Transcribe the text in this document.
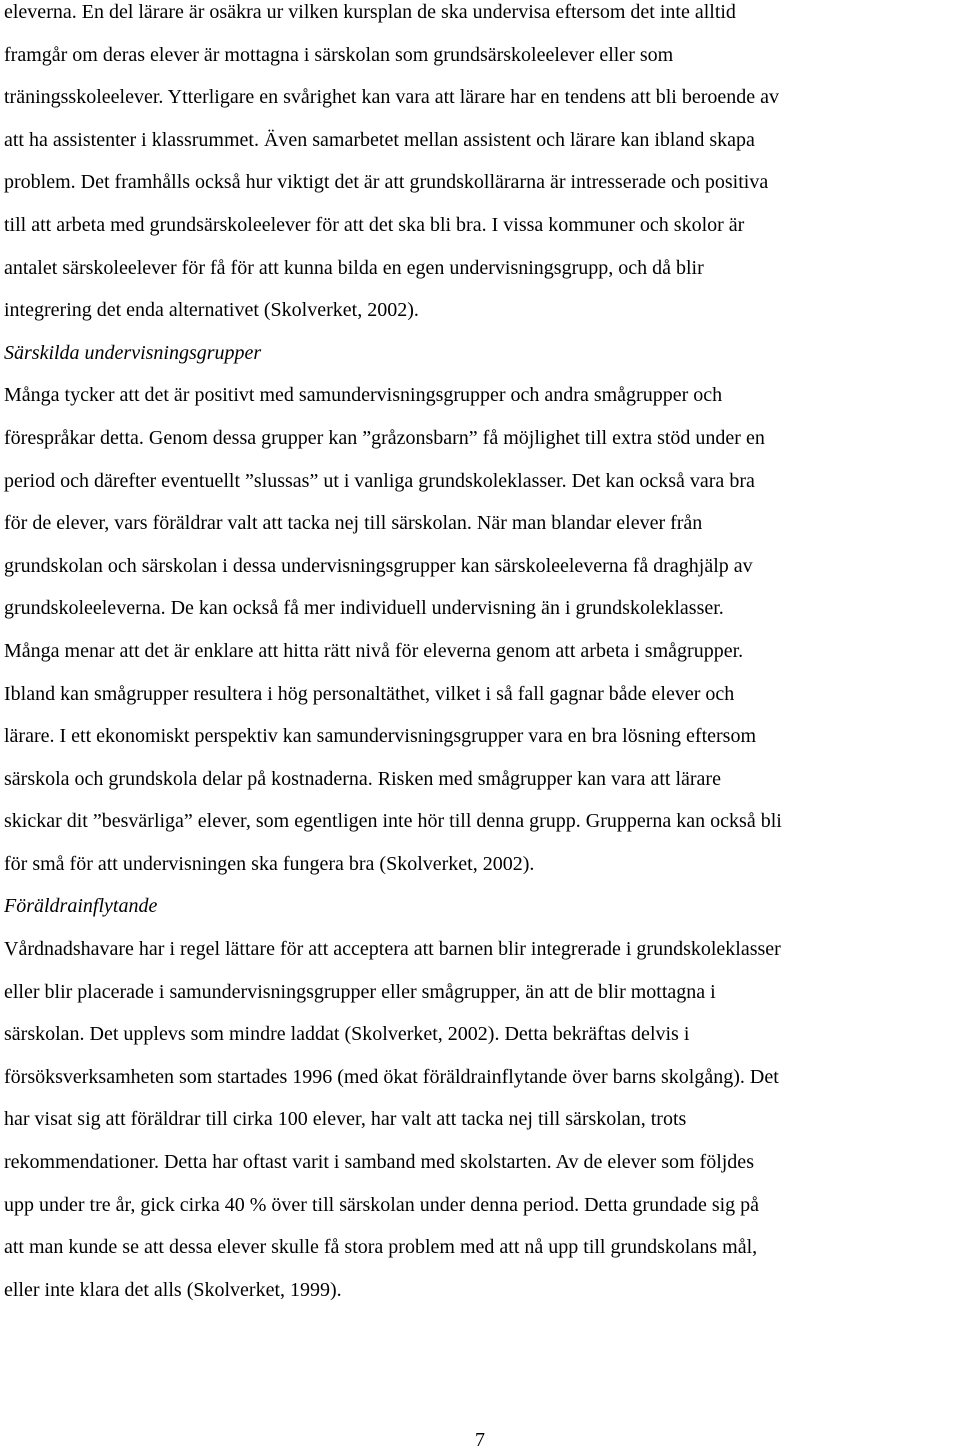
eleverna. En del lärare är osäkra ur vilken kursplan de ska undervisa eftersom det inte alltid
framgår om deras elever är mottagna i särskolan som grundsärskoleelever eller som
träningsskoleelever. Ytterligare en svårighet kan vara att lärare har en tendens att bli beroende av
att ha assistenter i klassrummet. Även samarbetet mellan assistent och lärare kan ibland skapa
problem. Det framhålls också hur viktigt det är att grundskollärarna är intresserade och positiva
till att arbeta med grundsärskoleelever för att det ska bli bra. I vissa kommuner och skolor är
antalet särskoleelever för få för att kunna bilda en egen undervisningsgrupp, och då blir
integrering det enda alternativet (Skolverket, 2002).
Särskilda undervisningsgrupper
Många tycker att det är positivt med samundervisningsgrupper och andra smågrupper och
förespråkar detta. Genom dessa grupper kan ”gråzonsbarn” få möjlighet till extra stöd under en
period och därefter eventuellt ”slussas” ut i vanliga grundskoleklasser. Det kan också vara bra
för de elever, vars föräldrar valt att tacka nej till särskolan. När man blandar elever från
grundskolan och särskolan i dessa undervisningsgrupper kan särskoleeleverna få draghjälp av
grundskoleeleverna. De kan också få mer individuell undervisning än i grundskoleklasser.
Många menar att det är enklare att hitta rätt nivå för eleverna genom att arbeta i smågrupper.
Ibland kan smågrupper resultera i hög personaltäthet, vilket i så fall gagnar både elever och
lärare. I ett ekonomiskt perspektiv kan samundervisningsgrupper vara en bra lösning eftersom
särskola och grundskola delar på kostnaderna. Risken med smågrupper kan vara att lärare
skickar dit ”besvärliga” elever, som egentligen inte hör till denna grupp. Grupperna kan också bli
för små för att undervisningen ska fungera bra (Skolverket, 2002).
Föräldrainflytande
Vårdnadshavare har i regel lättare för att acceptera att barnen blir integrerade i grundskoleklasser
eller blir placerade i samundervisningsgrupper eller smågrupper, än att de blir mottagna i
särskolan. Det upplevs som mindre laddat (Skolverket, 2002). Detta bekräftas delvis i
försöksverksamheten som startades 1996 (med ökat föräldrainflytande över barns skolgång). Det
har visat sig att föräldrar till cirka 100 elever, har valt att tacka nej till särskolan, trots
rekommendationer. Detta har oftast varit i samband med skolstarten. Av de elever som följdes
upp under tre år, gick cirka 40 % över till särskolan under denna period. Detta grundade sig på
att man kunde se att dessa elever skulle få stora problem med att nå upp till grundskolans mål,
eller inte klara det alls (Skolverket, 1999).
7
